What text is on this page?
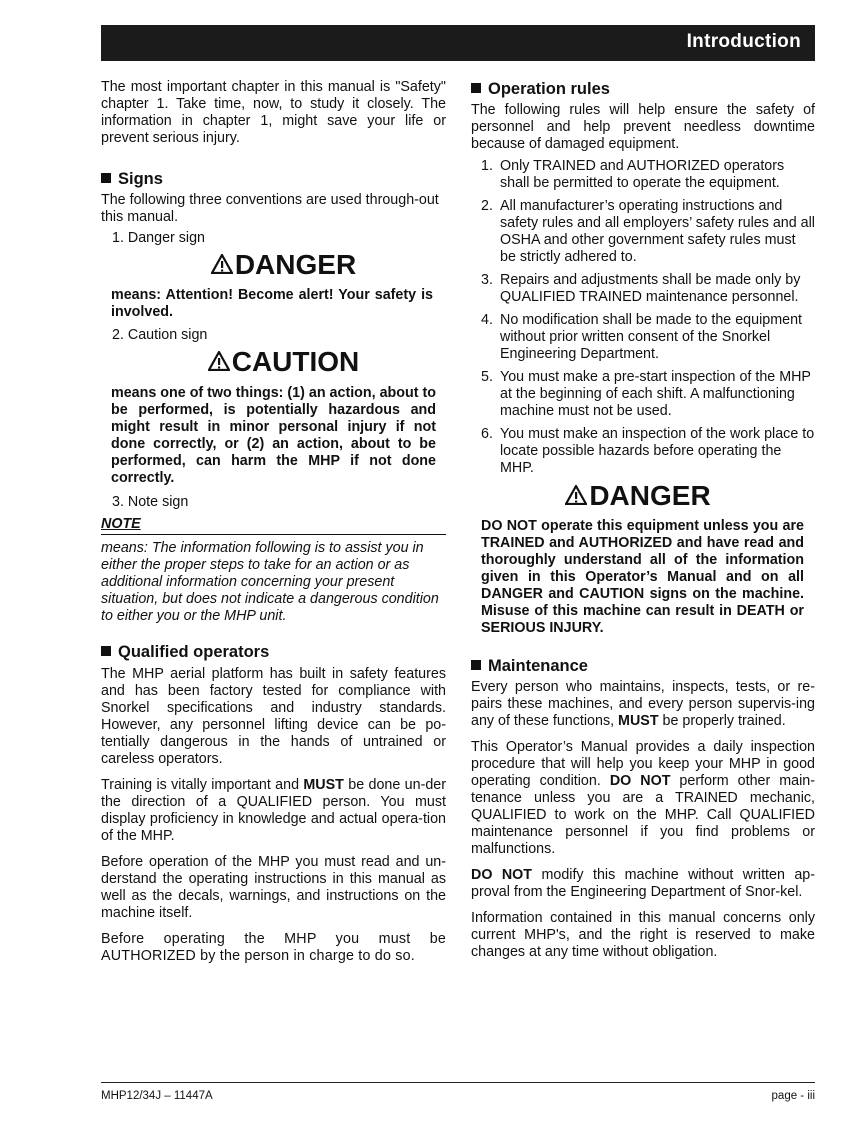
Introduction

The most important chapter in this manual is "Safety" chapter 1. Take time, now, to study it closely. The information in chapter 1, might save your life or prevent serious injury.

Signs

The following three conventions are used through-out this manual.

1. Danger sign
DANGER
means: Attention! Become alert! Your safety is involved.
2. Caution sign
CAUTION
means one of two things: (1) an action, about to be performed, is potentially hazardous and might result in minor personal injury if not done correctly, or (2) an action, about to be performed, can harm the MHP if not done correctly.
3. Note sign
NOTE
means: The information following is to assist you in either the proper steps to take for an action or as additional information concerning your present situation, but does not indicate a dangerous condition to either you or the MHP unit.
Qualified operators

The MHP aerial platform has built in safety features and has been factory tested for compliance with Snorkel specifications and industry standards. However, any personnel lifting device can be po-tentially dangerous in the hands of untrained or careless operators.

Training is vitally important and MUST be done un-der the direction of a QUALIFIED person. You must display proficiency in knowledge and actual opera-tion of the MHP.

Before operation of the MHP you must read and un-derstand the operating instructions in this manual as well as the decals, warnings, and instructions on the machine itself.

Before operating the MHP you must be AUTHORIZED by the person in charge to do so.

Operation rules

The following rules will help ensure the safety of personnel and help prevent needless downtime because of damaged equipment.

1. Only TRAINED and AUTHORIZED operators shall be permitted to operate the equipment.
2. All manufacturer’s operating instructions and safety rules and all employers’ safety rules and all OSHA and other government safety rules must be strictly adhered to.
3. Repairs and adjustments shall be made only by QUALIFIED TRAINED maintenance personnel.
4. No modification shall be made to the equipment without prior written consent of the Snorkel Engineering Department.
5. You must make a pre-start inspection of the MHP at the beginning of each shift. A malfunctioning machine must not be used.
6. You must make an inspection of the work place to locate possible hazards before operating the MHP.
DANGER
DO NOT operate this equipment unless you are TRAINED and AUTHORIZED and have read and thoroughly understand all of the information given in this Operator’s Manual and on all DANGER and CAUTION signs on the machine. Misuse of this machine can result in DEATH or SERIOUS INJURY.
Maintenance

Every person who maintains, inspects, tests, or re-pairs these machines, and every person supervis-ing any of these functions, MUST be properly trained.

This Operator’s Manual provides a daily inspection procedure that will help you keep your MHP in good operating condition. DO NOT perform other main-tenance unless you are a TRAINED mechanic, QUALIFIED to work on the MHP. Call QUALIFIED maintenance personnel if you find problems or malfunctions.

DO NOT modify this machine without written ap-proval from the Engineering Department of Snor-kel.

Information contained in this manual concerns only current MHP's, and the right is reserved to make changes at any time without obligation.

MHP12/34J – 11447A	page - iii
